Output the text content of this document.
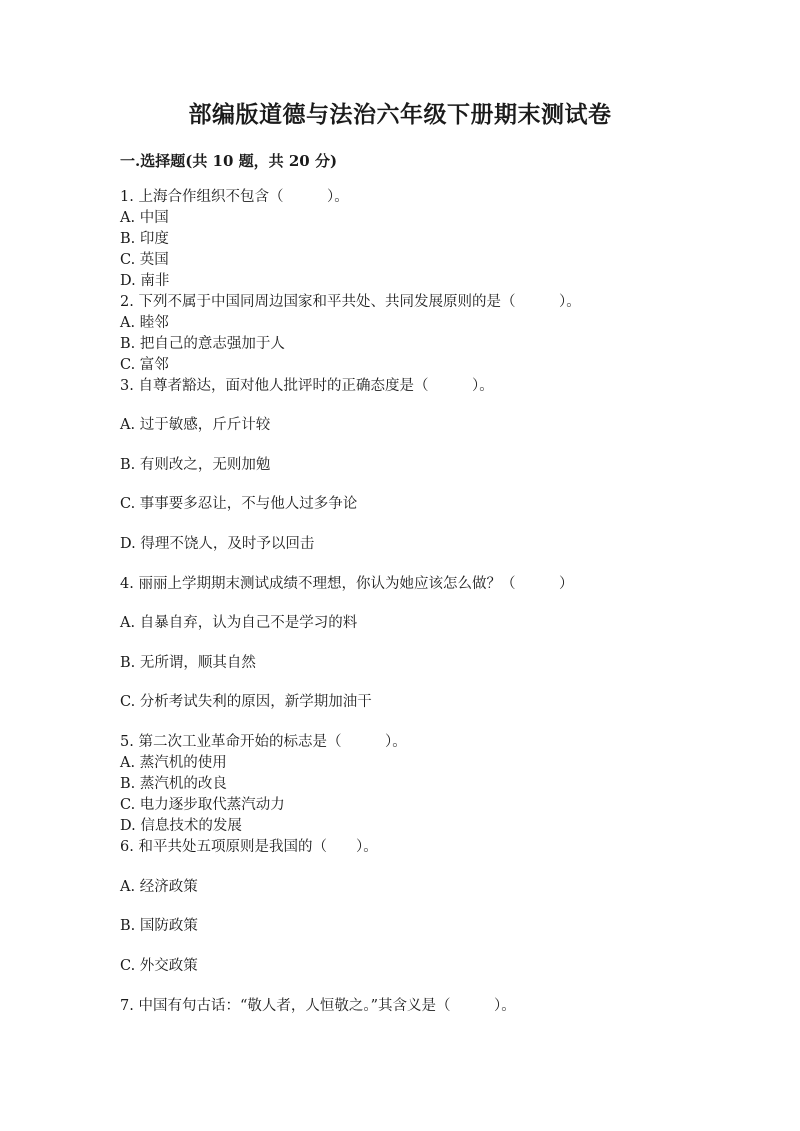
部编版道德与法治六年级下册期末测试卷
一.选择题(共 10 题，共 20 分)
1. 上海合作组织不包含（　　　）。
A. 中国
B. 印度
C. 英国
D. 南非
2. 下列不属于中国同周边国家和平共处、共同发展原则的是（　　　）。
A. 睦邻
B. 把自己的意志强加于人
C. 富邻
3. 自尊者豁达，面对他人批评时的正确态度是（　　　）。
A. 过于敏感，斤斤计较
B. 有则改之，无则加勉
C. 事事要多忍让，不与他人过多争论
D. 得理不饶人，及时予以回击
4. 丽丽上学期期末测试成绩不理想，你认为她应该怎么做？（　　　）
A. 自暴自弃，认为自己不是学习的料
B. 无所谓，顺其自然
C. 分析考试失利的原因，新学期加油干
5. 第二次工业革命开始的标志是（　　　）。
A. 蒸汽机的使用
B. 蒸汽机的改良
C. 电力逐步取代蒸汽动力
D. 信息技术的发展
6. 和平共处五项原则是我国的（　　）。
A. 经济政策
B. 国防政策
C. 外交政策
7. 中国有句古话：“敬人者，人恒敬之。”其含义是（　　　）。
